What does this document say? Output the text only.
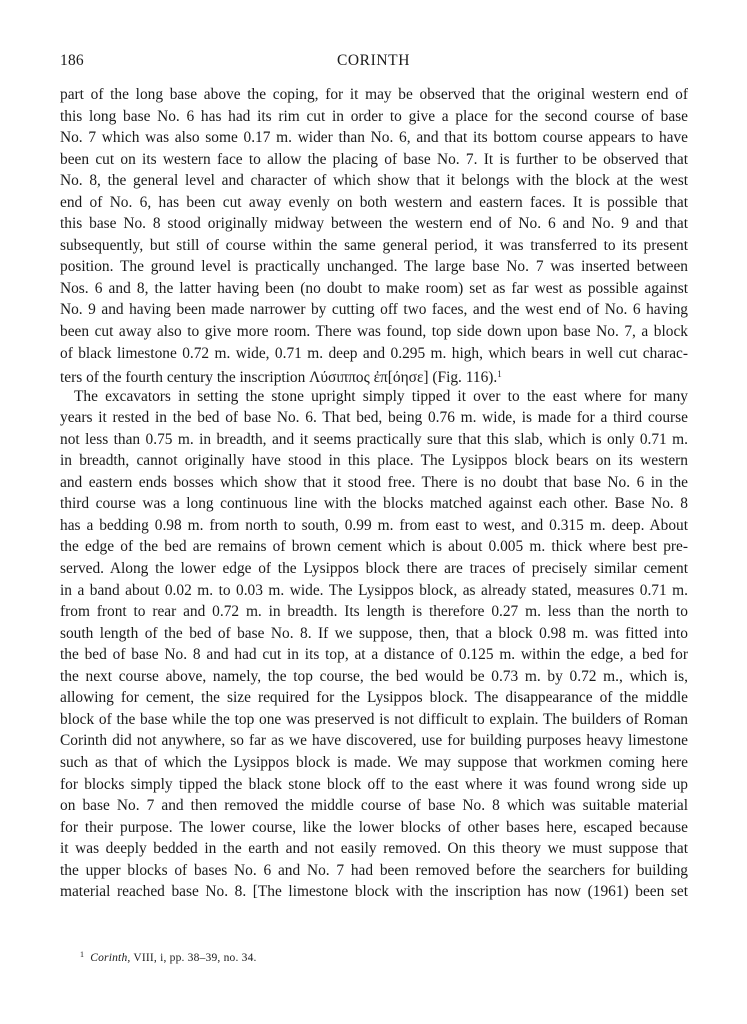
186	CORINTH
part of the long base above the coping, for it may be observed that the original western end of
this long base No. 6 has had its rim cut in order to give a place for the second course of base
No. 7 which was also some 0.17 m. wider than No. 6, and that its bottom course appears to have
been cut on its western face to allow the placing of base No. 7. It is further to be observed that
No. 8, the general level and character of which show that it belongs with the block at the west
end of No. 6, has been cut away evenly on both western and eastern faces. It is possible that
this base No. 8 stood originally midway between the western end of No. 6 and No. 9 and that
subsequently, but still of course within the same general period, it was transferred to its present
position. The ground level is practically unchanged. The large base No. 7 was inserted between
Nos. 6 and 8, the latter having been (no doubt to make room) set as far west as possible against
No. 9 and having been made narrower by cutting off two faces, and the west end of No. 6 having
been cut away also to give more room. There was found, top side down upon base No. 7, a block
of black limestone 0.72 m. wide, 0.71 m. deep and 0.295 m. high, which bears in well cut charac-
ters of the fourth century the inscription Λύσιππος ἐπ[όησε] (Fig. 116).$^1$
The excavators in setting the stone upright simply tipped it over to the east where for many
years it rested in the bed of base No. 6. That bed, being 0.76 m. wide, is made for a third course
not less than 0.75 m. in breadth, and it seems practically sure that this slab, which is only 0.71 m.
in breadth, cannot originally have stood in this place. The Lysippos block bears on its western
and eastern ends bosses which show that it stood free. There is no doubt that base No. 6 in the
third course was a long continuous line with the blocks matched against each other. Base No. 8
has a bedding 0.98 m. from north to south, 0.99 m. from east to west, and 0.315 m. deep. About
the edge of the bed are remains of brown cement which is about 0.005 m. thick where best pre-
served. Along the lower edge of the Lysippos block there are traces of precisely similar cement
in a band about 0.02 m. to 0.03 m. wide. The Lysippos block, as already stated, measures 0.71 m.
from front to rear and 0.72 m. in breadth. Its length is therefore 0.27 m. less than the north to
south length of the bed of base No. 8. If we suppose, then, that a block 0.98 m. was fitted into
the bed of base No. 8 and had cut in its top, at a distance of 0.125 m. within the edge, a bed for
the next course above, namely, the top course, the bed would be 0.73 m. by 0.72 m., which is,
allowing for cement, the size required for the Lysippos block. The disappearance of the middle
block of the base while the top one was preserved is not difficult to explain. The builders of Roman
Corinth did not anywhere, so far as we have discovered, use for building purposes heavy limestone
such as that of which the Lysippos block is made. We may suppose that workmen coming here
for blocks simply tipped the black stone block off to the east where it was found wrong side up
on base No. 7 and then removed the middle course of base No. 8 which was suitable material
for their purpose. The lower course, like the lower blocks of other bases here, escaped because
it was deeply bedded in the earth and not easily removed. On this theory we must suppose that
the upper blocks of bases No. 6 and No. 7 had been removed before the searchers for building
material reached base No. 8. [The limestone block with the inscription has now (1961) been set
$^1$ Corinth, VIII, i, pp. 38–39, no. 34.
